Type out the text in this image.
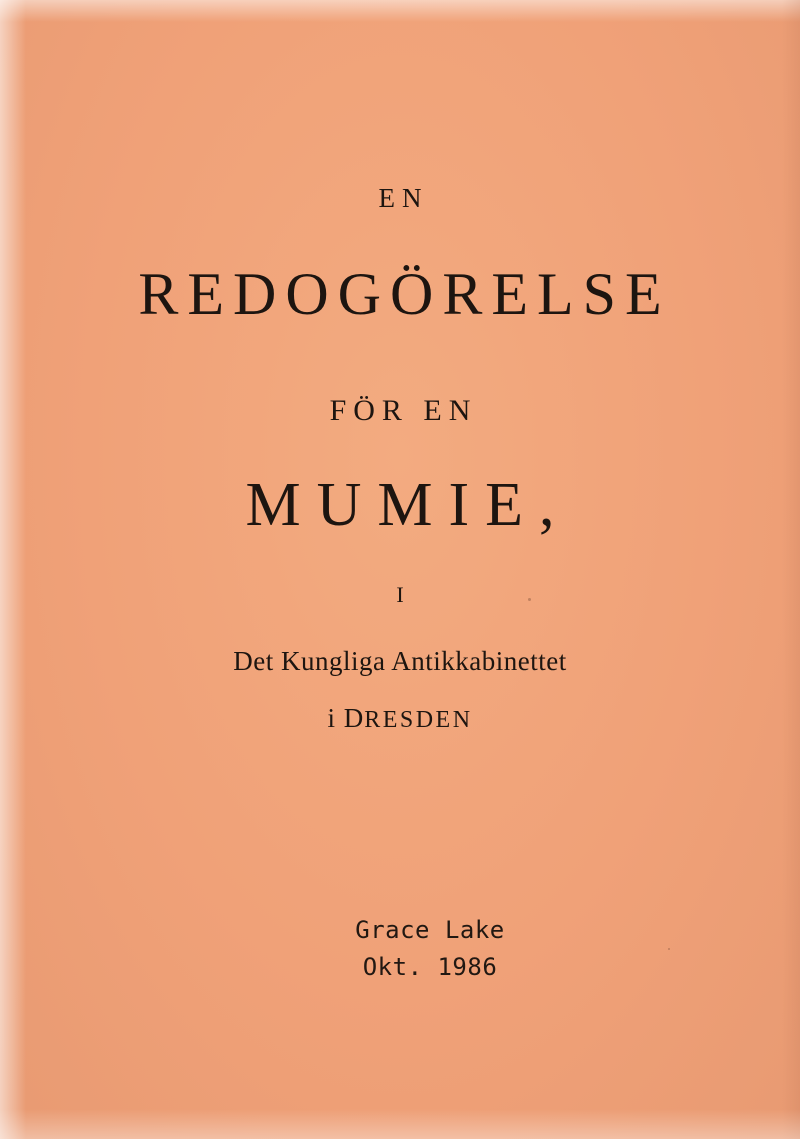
EN
REDOGÖRELSE
FÖR EN
MUMIE,
I
Det Kungliga Antikkabinettet
i DRESDEN
Grace Lake
Okt. 1986
